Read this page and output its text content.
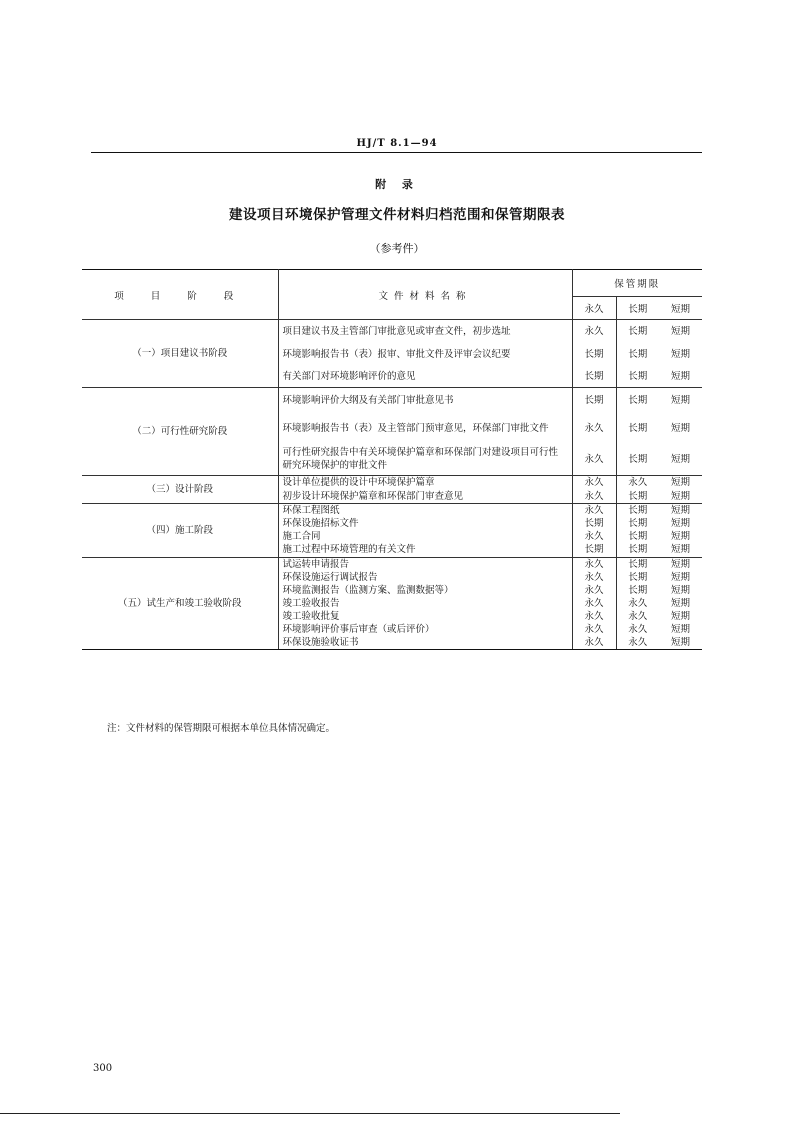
HJ/T 8.1—94
附 录
建设项目环境保护管理文件材料归档范围和保管期限表
（参考件）
项 目 阶 段	文件材料名称	保管期限		
		永久	长期	短期
（一）项目建议书阶段	项目建议书及主管部门审批意见或审查文件，初步选址	永久	长期	短期
	环境影响报告书（表）报审、审批文件及评审会议纪要	长期	长期	短期
	有关部门对环境影响评价的意见	长期	长期	短期
（二）可行性研究阶段	环境影响评价大纲及有关部门审批意见书	长期	长期	短期
	环境影响报告书（表）及主管部门预审意见，环保部门审批文件	永久	长期	短期
	可行性研究报告中有关环境保护篇章和环保部门对建设项目可行性研究环境保护的审批文件	永久	长期	短期
（三）设计阶段	设计单位提供的设计中环境保护篇章	永久	永久	短期
	初步设计环境保护篇章和环保部门审查意见	永久	长期	短期
（四）施工阶段	环保工程图纸	永久	长期	短期
	环保设施招标文件	长期	长期	短期
	施工合同	永久	长期	短期
	施工过程中环境管理的有关文件	长期	长期	短期
（五）试生产和竣工验收阶段	试运转申请报告	永久	长期	短期
	环保设施运行调试报告	永久	长期	短期
	环境监测报告（监测方案、监测数据等）	永久	长期	短期
	竣工验收报告	永久	永久	短期
	竣工验收批复	永久	永久	短期
	环境影响评价事后审查（或后评价）	永久	永久	短期
	环保设施验收证书	永久	永久	短期
注：文件材料的保管期限可根据本单位具体情况确定。
300
